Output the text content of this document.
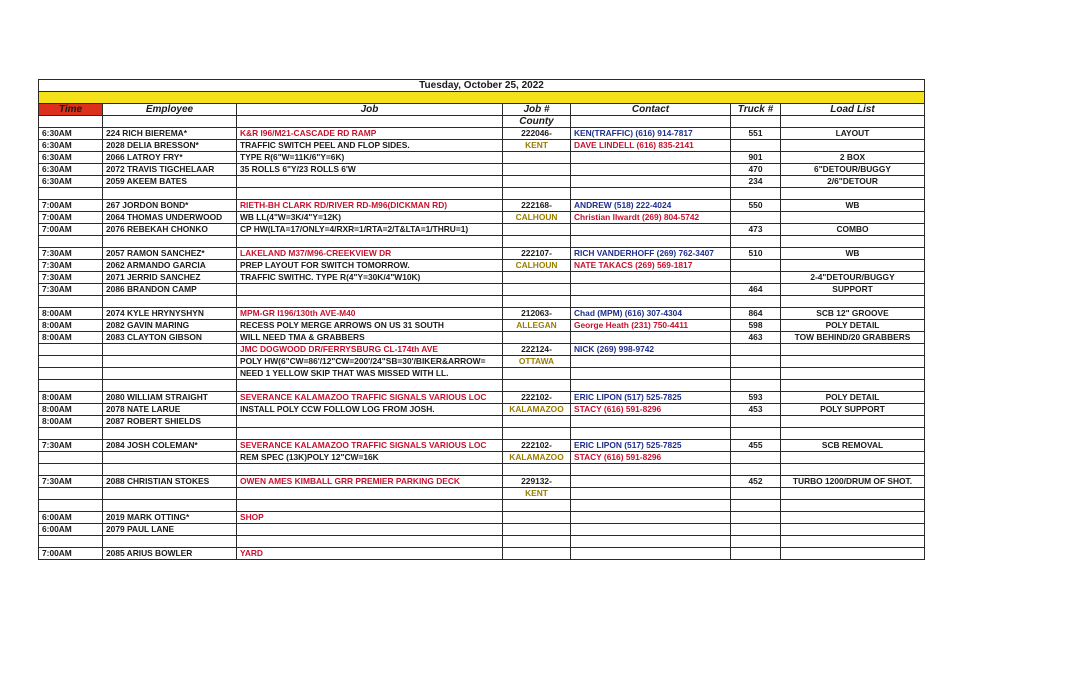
Tuesday, October 25, 2022						

Time	Employee	Job	Job #	Contact	Truck #	Load List
			County			
6:30AM	224 RICH BIEREMA*	K&R I96/M21-CASCADE RD RAMP	222046-	KEN(TRAFFIC) (616) 914-7817	551	LAYOUT
6:30AM	2028 DELIA BRESSON*	TRAFFIC SWITCH PEEL AND FLOP SIDES.	KENT	DAVE LINDELL (616) 835-2141		
6:30AM	2066 LATROY FRY*	TYPE R(6"W=11K/6"Y=6K)			901	2 BOX
6:30AM	2072 TRAVIS TIGCHELAAR	35 ROLLS 6"Y/23 ROLLS 6'W			470	6"DETOUR/BUGGY
6:30AM	2059 AKEEM BATES				234	2/6"DETOUR

7:00AM	267 JORDON BOND*	RIETH-BH CLARK RD/RIVER RD-M96(DICKMAN RD)	222168-	ANDREW (518) 222-4024	550	WB
7:00AM	2064 THOMAS UNDERWOOD	WB LL(4"W=3K/4"Y=12K)	CALHOUN	Christian Ilwardt (269) 804-5742		
7:00AM	2076 REBEKAH CHONKO	CP HW(LTA=17/ONLY=4/RXR=1/RTA=2/T&LTA=1/THRU=1)			473	COMBO

7:30AM	2057 RAMON SANCHEZ*	LAKELAND M37/M96-CREEKVIEW DR	222107-	RICH VANDERHOFF (269) 762-3407	510	WB
7:30AM	2062 ARMANDO GARCIA	PREP LAYOUT FOR SWITCH TOMORROW.	CALHOUN	NATE TAKACS (269) 569-1817		
7:30AM	2071 JERRID SANCHEZ	TRAFFIC SWITHC. TYPE R(4"Y=30K/4"W10K)				2-4"DETOUR/BUGGY
7:30AM	2086 BRANDON CAMP				464	SUPPORT

8:00AM	2074 KYLE HRYNYSHYN	MPM-GR I196/130th AVE-M40	212063-	Chad (MPM) (616) 307-4304	864	SCB 12" GROOVE
8:00AM	2082 GAVIN MARING	RECESS POLY MERGE ARROWS ON US 31 SOUTH	ALLEGAN	George Heath (231) 750-4411	598	POLY DETAIL
8:00AM	2083 CLAYTON GIBSON	WILL NEED TMA & GRABBERS			463	TOW BEHIND/20 GRABBERS
		JMC DOGWOOD DR/FERRYSBURG CL-174th AVE	222124-	NICK (269) 998-9742		
		POLY HW(6"CW=86'/12"CW=200'/24"SB=30'/BIKER&ARROW=	OTTAWA			
		NEED 1 YELLOW SKIP THAT WAS MISSED WITH LL.				

8:00AM	2080 WILLIAM STRAIGHT	SEVERANCE KALAMAZOO TRAFFIC SIGNALS VARIOUS LOC	222102-	ERIC LIPON (517) 525-7825	593	POLY DETAIL
8:00AM	2078 NATE LARUE	INSTALL POLY CCW FOLLOW LOG FROM JOSH.	KALAMAZOO	STACY (616) 591-8296	453	POLY SUPPORT
8:00AM	2087 ROBERT SHIELDS					

7:30AM	2084 JOSH COLEMAN*	SEVERANCE KALAMAZOO TRAFFIC SIGNALS VARIOUS LOC	222102-	ERIC LIPON (517) 525-7825	455	SCB REMOVAL
		REM SPEC (13K)POLY 12"CW=16K	KALAMAZOO	STACY (616) 591-8296		

7:30AM	2088 CHRISTIAN STOKES	OWEN AMES KIMBALL GRR PREMIER PARKING DECK	229132-		452	TURBO 1200/DRUM OF SHOT.
			KENT			

6:00AM	2019 MARK OTTING*	SHOP				
6:00AM	2079 PAUL LANE					

7:00AM	2085 ARIUS BOWLER	YARD				
